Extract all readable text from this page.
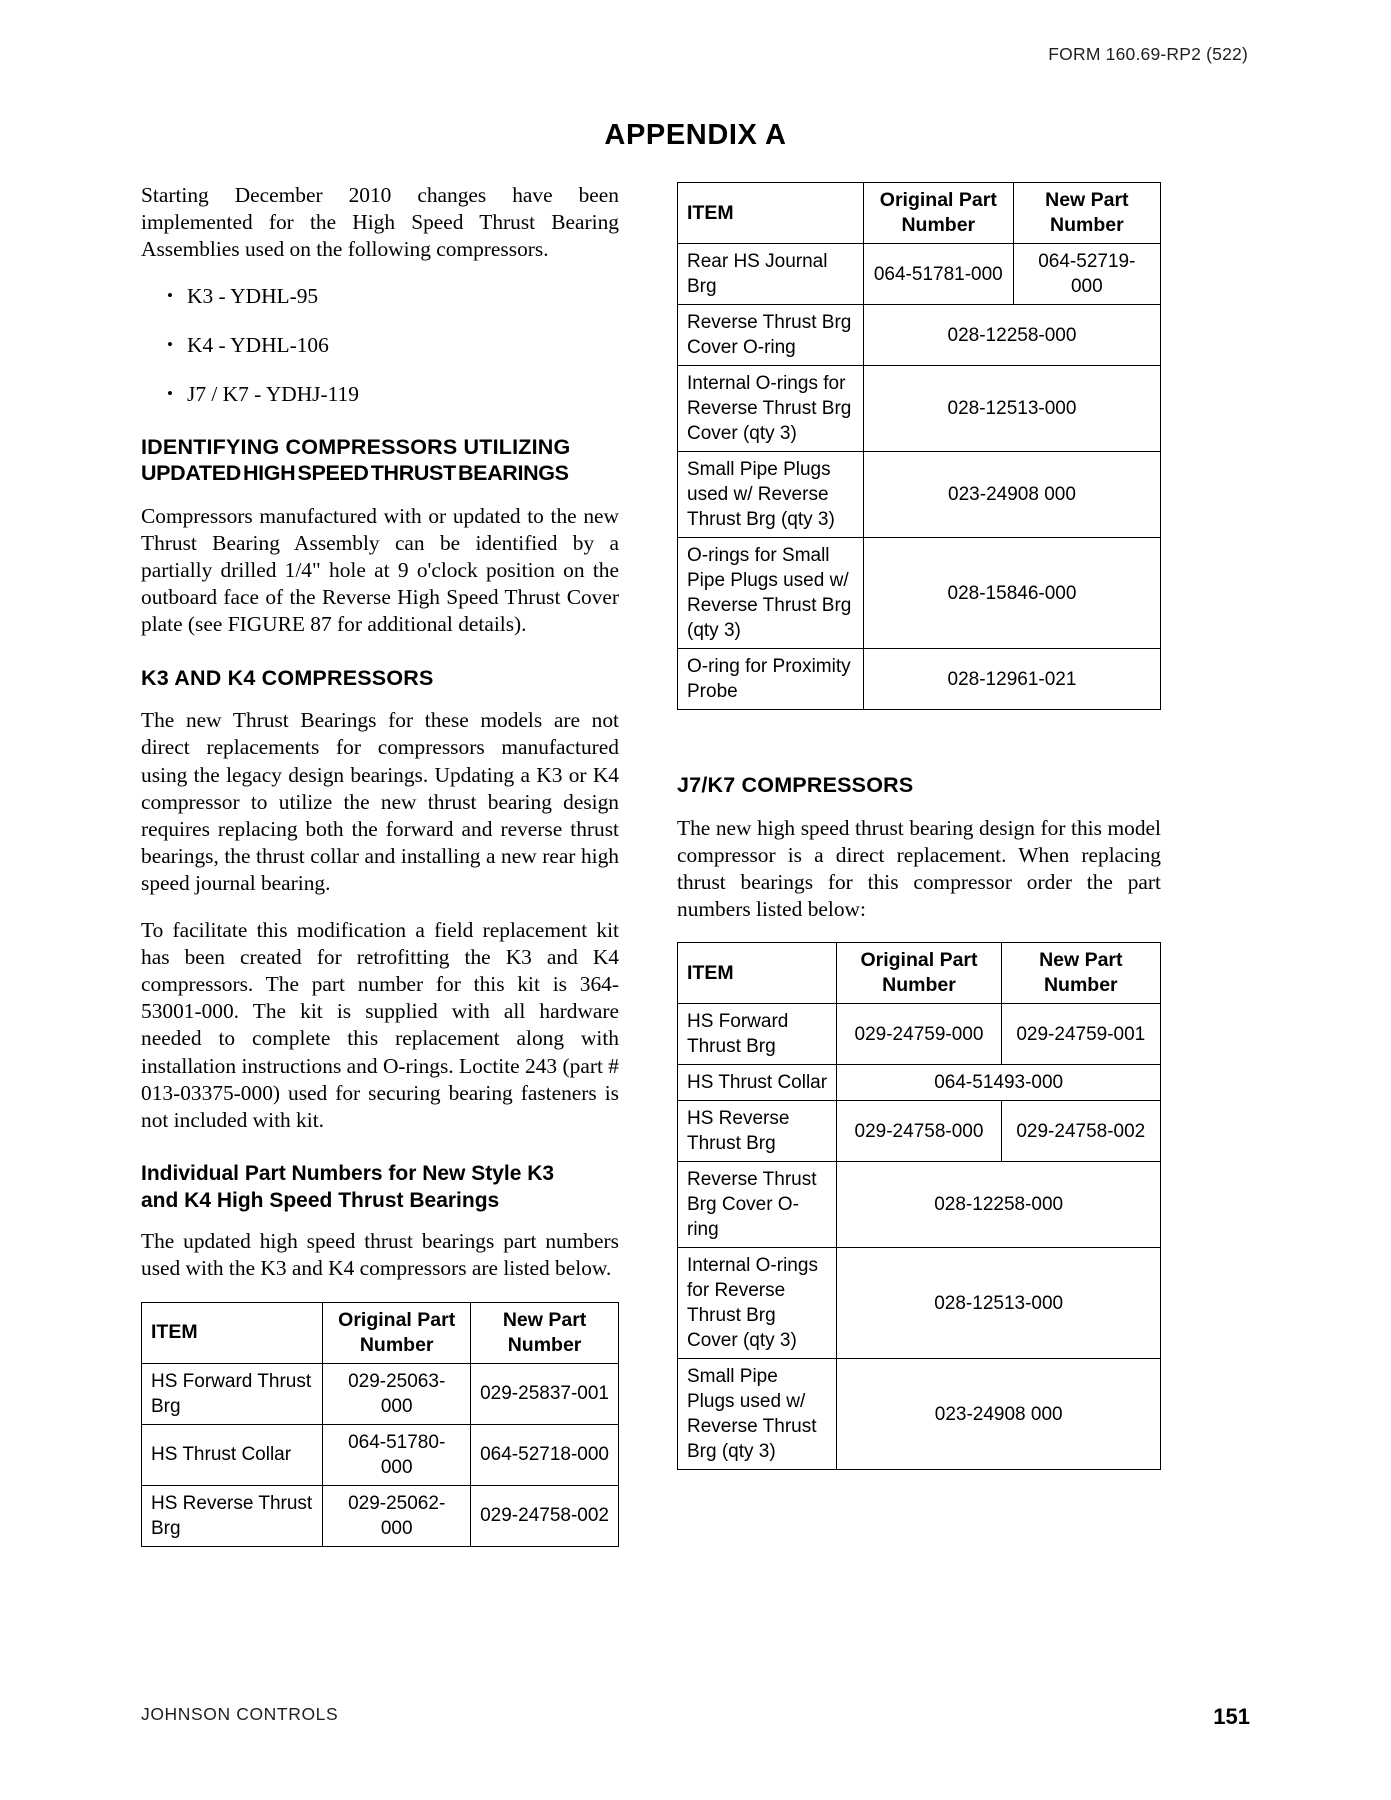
FORM 160.69-RP2 (522)
APPENDIX A

Starting December 2010 changes have been implemented for the High Speed Thrust Bearing Assemblies used on the following compressors.

• K3 - YDHL-95
• K4 - YDHL-106
• J7 / K7 - YDHJ-119
IDENTIFYING COMPRESSORS UTILIZING
UPDATED HIGH SPEED THRUST BEARINGS

Compressors manufactured with or updated to the new Thrust Bearing Assembly can be identified by a partially drilled 1/4" hole at 9 o'clock position on the outboard face of the Reverse High Speed Thrust Cover plate (see FIGURE 87 for additional details).

K3 AND K4 COMPRESSORS

The new Thrust Bearings for these models are not direct replacements for compressors manufactured using the legacy design bearings. Updating a K3 or K4 compressor to utilize the new thrust bearing design requires replacing both the forward and reverse thrust bearings, the thrust collar and installing a new rear high speed journal bearing.

To facilitate this modification a field replacement kit has been created for retrofitting the K3 and K4 compressors. The part number for this kit is 364-53001-000. The kit is supplied with all hardware needed to complete this replacement along with installation instructions and O-rings. Loctite 243 (part # 013-03375-000) used for securing bearing fasteners is not included with kit.

Individual Part Numbers for New Style K3
and K4 High Speed Thrust Bearings

The updated high speed thrust bearings part numbers used with the K3 and K4 compressors are listed below.

ITEM	Original Part Number	New Part Number
HS Forward Thrust Brg	029-25063-000	029-25837-001
HS Thrust Collar	064-51780-000	064-52718-000
HS Reverse Thrust Brg	029-25062-000	029-24758-002
ITEM	Original Part Number	New Part Number
Rear HS Journal Brg	064-51781-000	064-52719-000
Reverse Thrust Brg Cover O-ring	028-12258-000	
Internal O-rings for Reverse Thrust Brg Cover (qty 3)	028-12513-000	
Small Pipe Plugs used w/ Reverse Thrust Brg (qty 3)	023-24908 000	
O-rings for Small Pipe Plugs used w/ Reverse Thrust Brg (qty 3)	028-15846-000	
O-ring for Proximity Probe	028-12961-021	
J7/K7 COMPRESSORS

The new high speed thrust bearing design for this model compressor is a direct replacement. When replacing thrust bearings for this compressor order the part numbers listed below:

ITEM	Original Part Number	New Part Number
HS Forward Thrust Brg	029-24759-000	029-24759-001
HS Thrust Collar	064-51493-000	
HS Reverse Thrust Brg	029-24758-000	029-24758-002
Reverse Thrust Brg Cover O-ring	028-12258-000	
Internal O-rings for Reverse Thrust Brg Cover (qty 3)	028-12513-000	
Small Pipe Plugs used w/ Reverse Thrust Brg (qty 3)	023-24908 000	
JOHNSON CONTROLS	151
